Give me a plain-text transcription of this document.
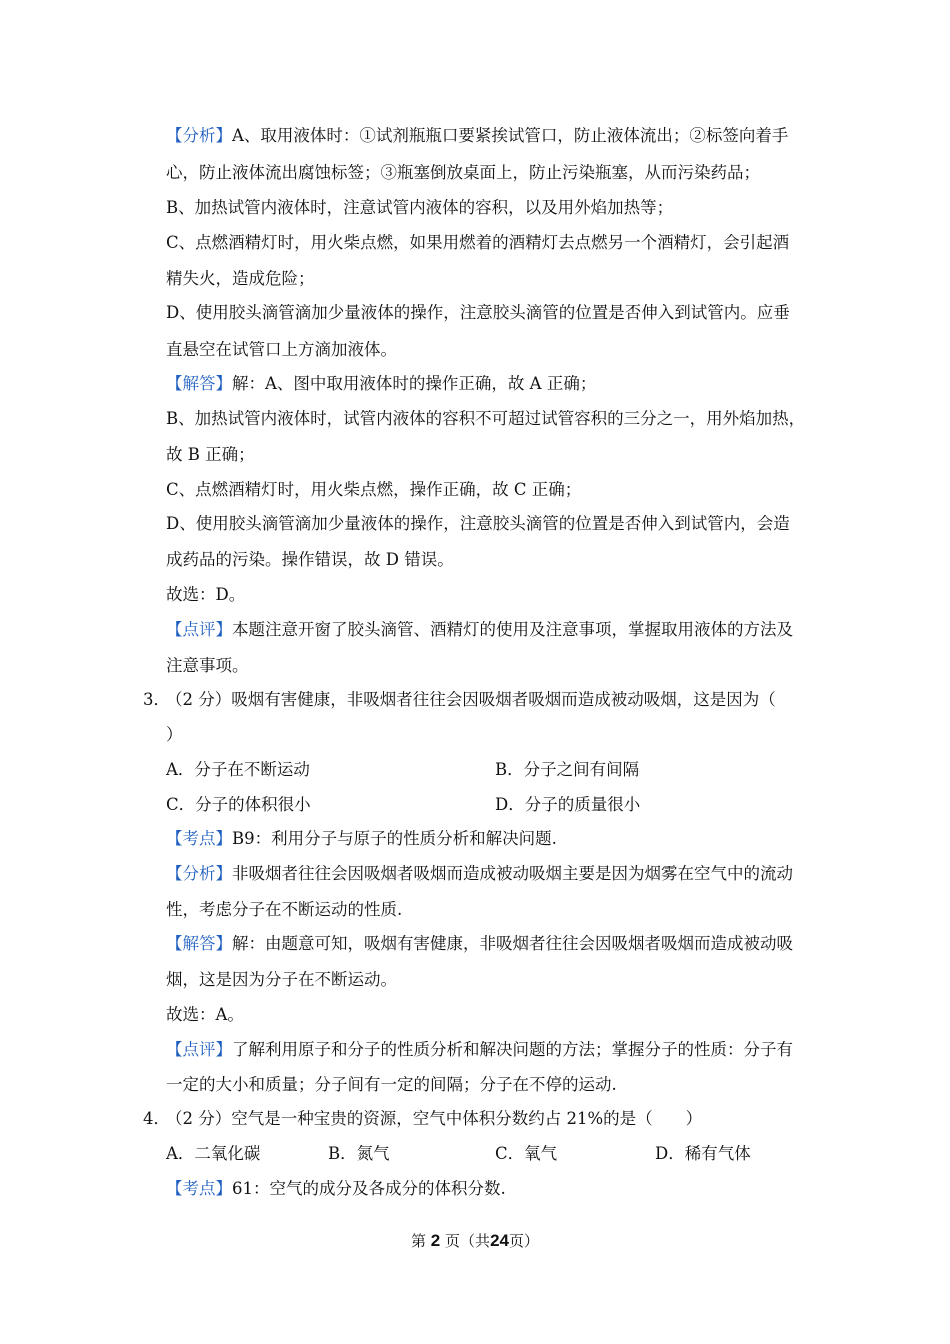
【分析】A、取用液体时：①试剂瓶瓶口要紧挨试管口，防止液体流出；②标签向着手
心，防止液体流出腐蚀标签；③瓶塞倒放桌面上，防止污染瓶塞，从而污染药品；
B、加热试管内液体时，注意试管内液体的容积，以及用外焰加热等；
C、点燃酒精灯时，用火柴点燃，如果用燃着的酒精灯去点燃另一个酒精灯，会引起酒
精失火，造成危险；
D、使用胶头滴管滴加少量液体的操作，注意胶头滴管的位置是否伸入到试管内。应垂
直悬空在试管口上方滴加液体。
【解答】解：A、图中取用液体时的操作正确，故 A 正确；
B、加热试管内液体时，试管内液体的容积不可超过试管容积的三分之一，用外焰加热，
故 B 正确；
C、点燃酒精灯时，用火柴点燃，操作正确，故 C 正确；
D、使用胶头滴管滴加少量液体的操作，注意胶头滴管的位置是否伸入到试管内，会造
成药品的污染。操作错误，故 D 错误。
故选：D。
【点评】本题注意开窗了胶头滴管、酒精灯的使用及注意事项，掌握取用液体的方法及
注意事项。
3．
（2 分）吸烟有害健康，非吸烟者往往会因吸烟者吸烟而造成被动吸烟，这是因为（
）
A．分子在不断运动	B．分子之间有间隔
C．分子的体积很小	D．分子的质量很小
【考点】B9：利用分子与原子的性质分析和解决问题.
【分析】非吸烟者往往会因吸烟者吸烟而造成被动吸烟主要是因为烟雾在空气中的流动
性，考虑分子在不断运动的性质.
【解答】解：由题意可知，吸烟有害健康，非吸烟者往往会因吸烟者吸烟而造成被动吸
烟，这是因为分子在不断运动。
故选：A。
【点评】了解利用原子和分子的性质分析和解决问题的方法；掌握分子的性质：分子有
一定的大小和质量；分子间有一定的间隔；分子在不停的运动.
4．
（2 分）空气是一种宝贵的资源，空气中体积分数约占 21%的是（　　）
A．二氧化碳	B．氮气	C．氧气	D．稀有气体
【考点】61：空气的成分及各成分的体积分数.
第 2 页（共24页）
